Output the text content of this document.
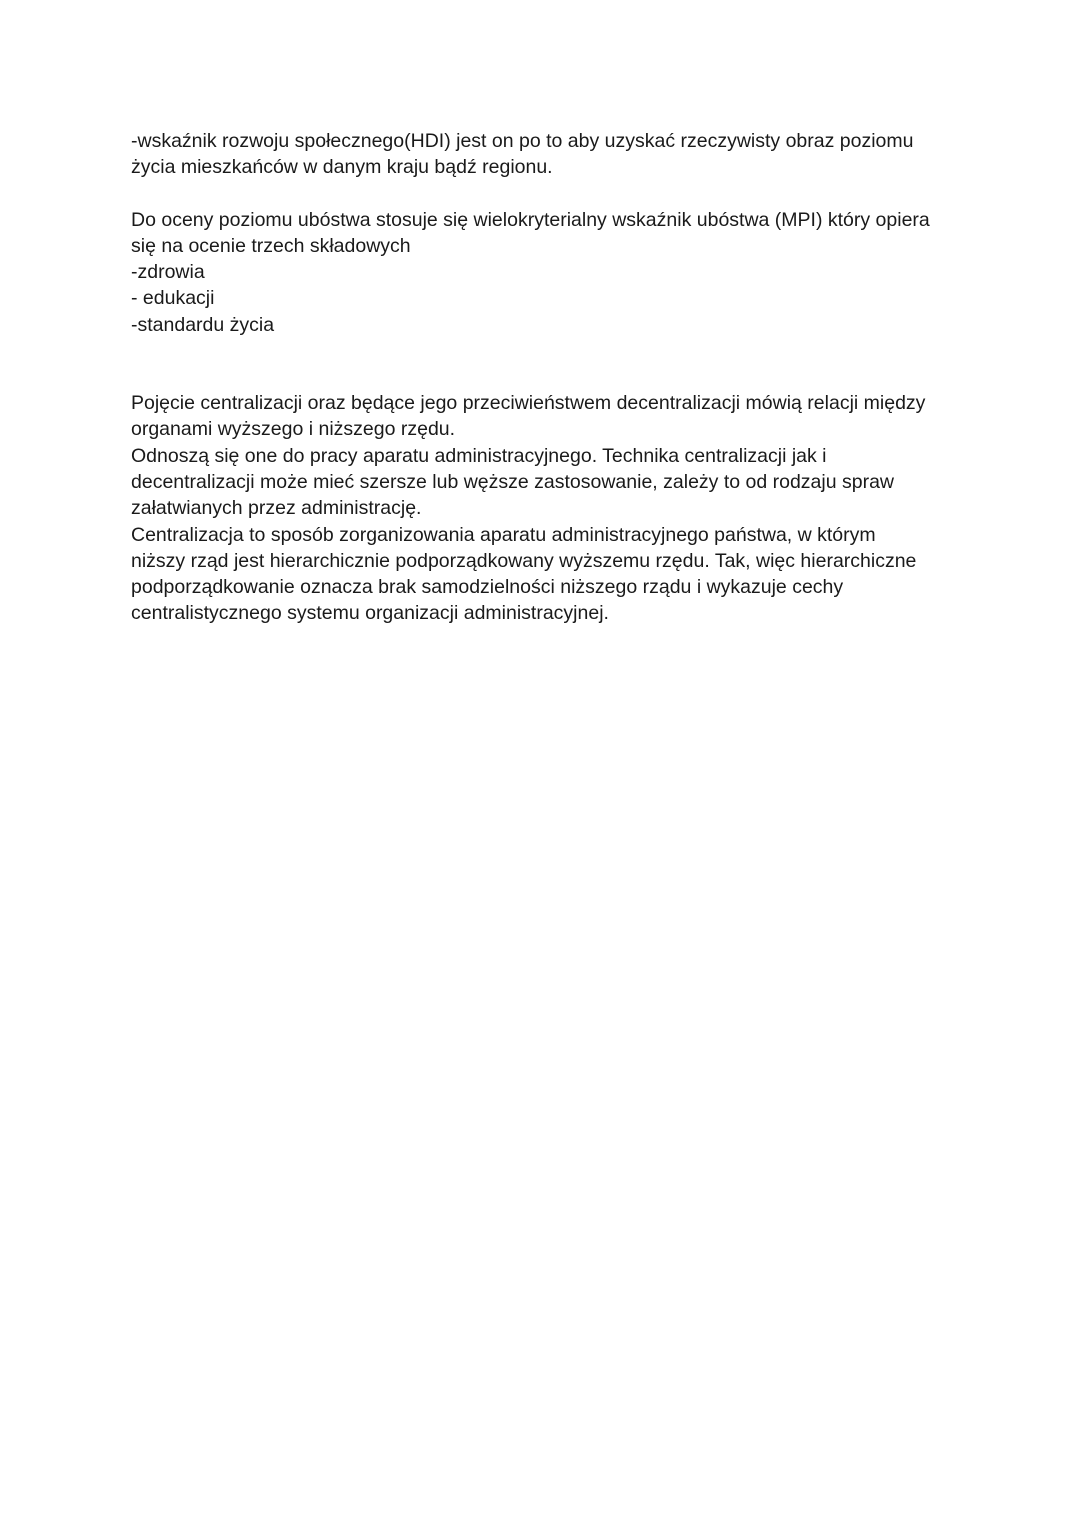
-wskaźnik rozwoju społecznego(HDI) jest on po to aby uzyskać rzeczywisty obraz poziomu
życia mieszkańców w danym kraju bądź regionu.
Do oceny poziomu ubóstwa stosuje się wielokryterialny wskaźnik ubóstwa (MPI) który opiera
się na ocenie trzech składowych
-zdrowia
- edukacji
-standardu życia
Pojęcie centralizacji oraz będące jego przeciwieństwem decentralizacji mówią relacji między
organami wyższego i niższego rzędu.
Odnoszą się one do pracy aparatu administracyjnego. Technika centralizacji jak i
decentralizacji może mieć szersze lub węższe zastosowanie, zależy to od rodzaju spraw
załatwianych przez administrację.
Centralizacja to sposób zorganizowania aparatu administracyjnego państwa, w którym
niższy rząd jest hierarchicznie podporządkowany wyższemu rzędu. Tak, więc hierarchiczne
podporządkowanie oznacza brak samodzielności niższego rządu i wykazuje cechy
centralistycznego systemu organizacji administracyjnej.
